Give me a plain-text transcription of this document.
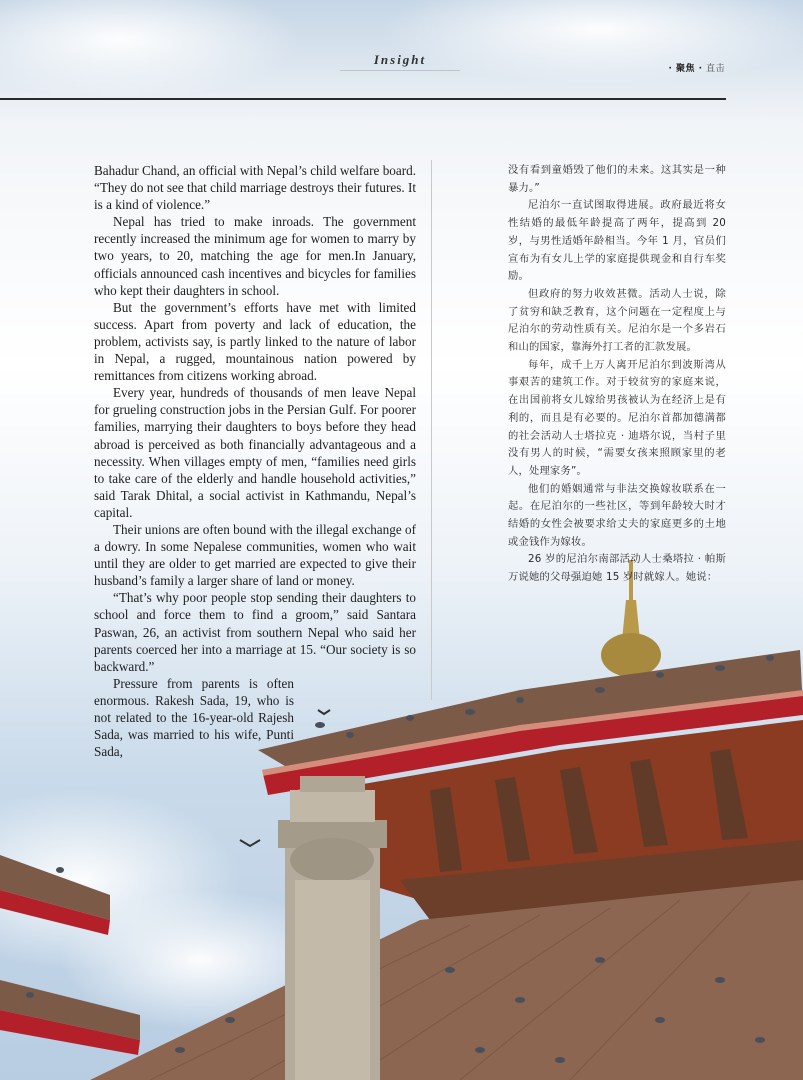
Insight
· 聚焦 · 直击

Bahadur Chand, an official with Nepal’s child welfare board. “They do not see that child marriage destroys their futures. It is a kind of violence.”

Nepal has tried to make inroads. The government recently increased the minimum age for women to marry by two years, to 20, matching the age for men.In January, officials announced cash incentives and bicycles for families who kept their daughters in school.

But the government’s efforts have met with limited success. Apart from poverty and lack of education, the problem, activists say, is partly linked to the nature of labor in Nepal, a rugged, mountainous nation powered by remittances from citizens working abroad.

Every year, hundreds of thousands of men leave Nepal for grueling construction jobs in the Persian Gulf. For poorer families, marrying their daughters to boys before they head abroad is perceived as both financially advantageous and a necessity. When villages empty of men, “families need girls to take care of the elderly and handle household activities,” said Tarak Dhital, a social activist in Kathmandu, Nepal’s capital.

Their unions are often bound with the illegal exchange of a dowry. In some Nepalese communities, women who wait until they are older to get married are expected to give their husband’s family a larger share of land or money.

“That’s why poor people stop sending their daughters to school and force them to find a groom,” said Santara Paswan, 26, an activist from southern Nepal who said her parents coerced her into a marriage at 15. “Our society is so backward.”

Pressure from parents is often enormous. Rakesh Sada, 19, who is not related to the 16-year-old Rajesh Sada, was married to his wife, Punti Sada,

没有看到童婚毁了他们的未来。这其实是一种暴力。”

尼泊尔一直试图取得进展。政府最近将女性结婚的最低年龄提高了两年，提高到 20 岁，与男性适婚年龄相当。今年 1 月，官员们宣布为有女儿上学的家庭提供现金和自行车奖励。

但政府的努力收效甚微。活动人士说，除了贫穷和缺乏教育，这个问题在一定程度上与尼泊尔的劳动性质有关。尼泊尔是一个多岩石和山的国家，靠海外打工者的汇款发展。

每年，成千上万人离开尼泊尔到波斯湾从事艰苦的建筑工作。对于较贫穷的家庭来说，在出国前将女儿嫁给男孩被认为在经济上是有利的，而且是有必要的。尼泊尔首都加德满都的社会活动人士塔拉克 · 迪塔尔说，当村子里没有男人的时候，“需要女孩来照顾家里的老人，处理家务”。

他们的婚姻通常与非法交换嫁妆联系在一起。在尼泊尔的一些社区，等到年龄较大时才结婚的女性会被要求给丈夫的家庭更多的土地或金钱作为嫁妆。

26 岁的尼泊尔南部活动人士桑塔拉 · 帕斯万说她的父母强迫她 15 岁时就嫁人。她说：
